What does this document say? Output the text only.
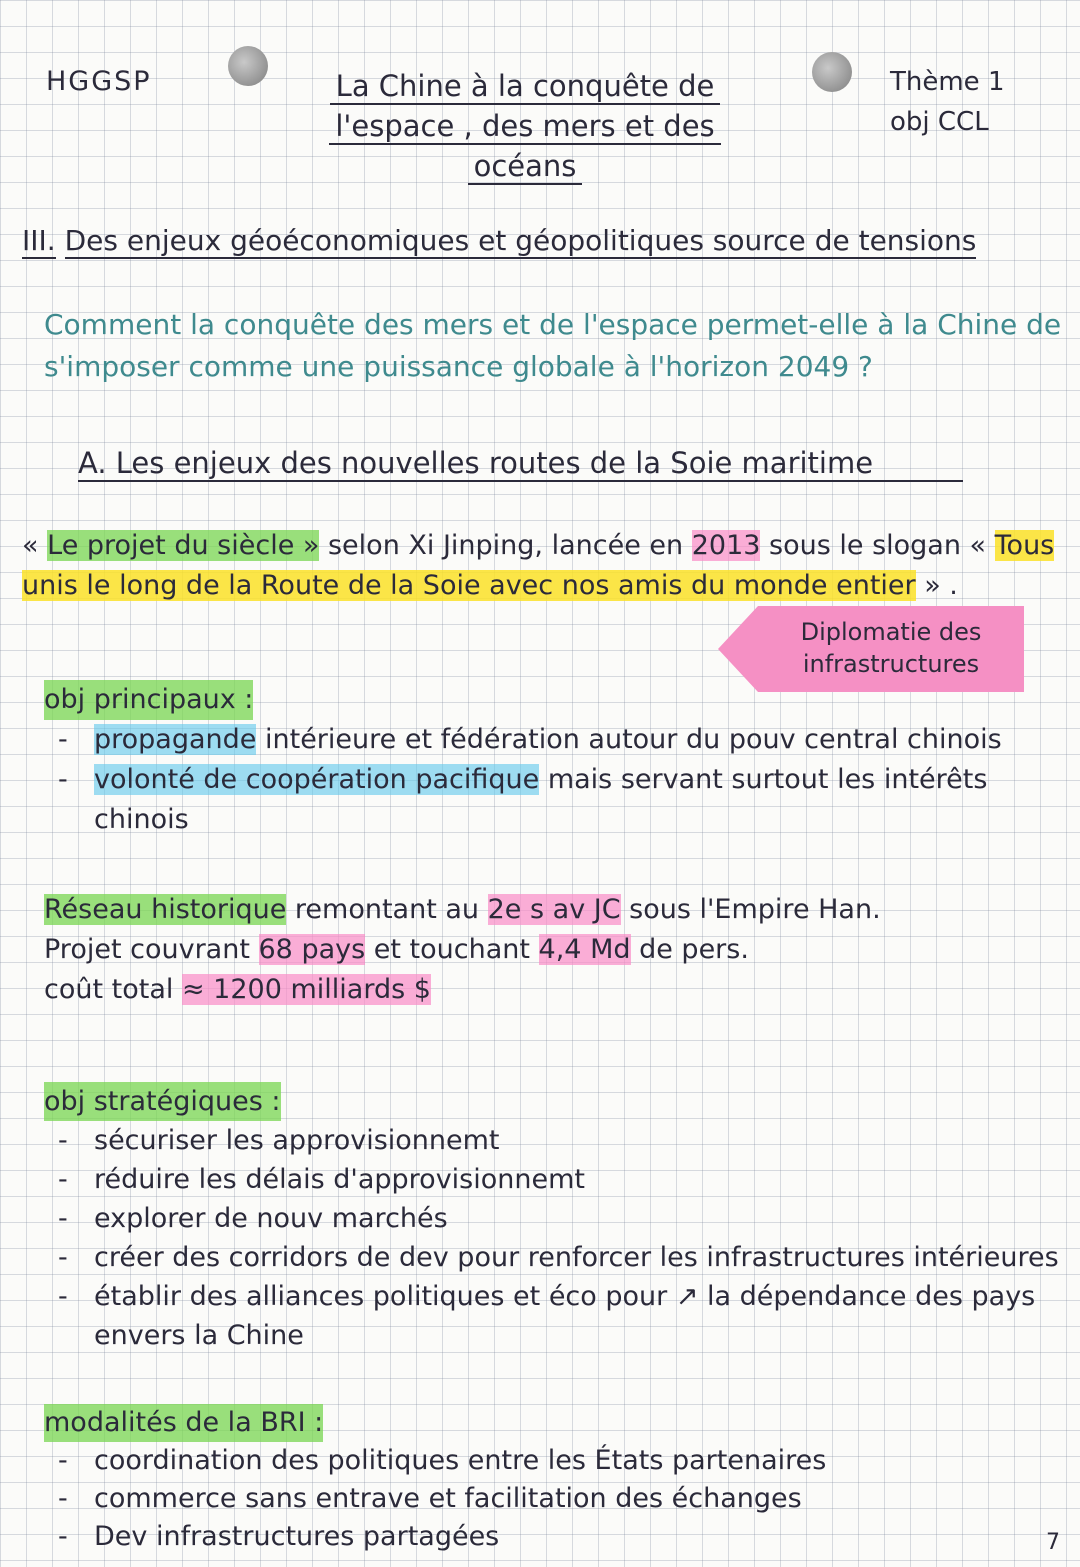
HGGSP	La Chine à la conquête de
l'espace , des mers et des
océans
Thème 1
obj CCL
III. Des enjeux géoéconomiques et géopolitiques source de tensions
Comment la conquête des mers et de l'espace permet-elle à la Chine de s'imposer comme une puissance globale à l'horizon 2049 ?
A. Les enjeux des nouvelles routes de la Soie maritime
« Le projet du siècle » selon Xi Jinping, lancée en 2013 sous le slogan « Tous unis le long de la Route de la Soie avec nos amis du monde entier » .
Diplomatie des infrastructures
obj principaux :
- propagande intérieure et fédération autour du pouv central chinois
- volonté de coopération pacifique mais servant surtout les intérêts chinois
Réseau historique remontant au 2e s av JC sous l'Empire Han.
Projet couvrant 68 pays et touchant 4,4 Md de pers.
coût total ≈ 1200 milliards $
obj stratégiques :
- sécuriser les approvisionnemt
- réduire les délais d'approvisionnemt
- explorer de nouv marchés
- créer des corridors de dev pour renforcer les infrastructures intérieures
- établir des alliances politiques et éco pour ↗ la dépendance des pays envers la Chine
modalités de la BRI :
- coordination des politiques entre les États partenaires
- commerce sans entrave et facilitation des échanges
- Dev infrastructures partagées	7
